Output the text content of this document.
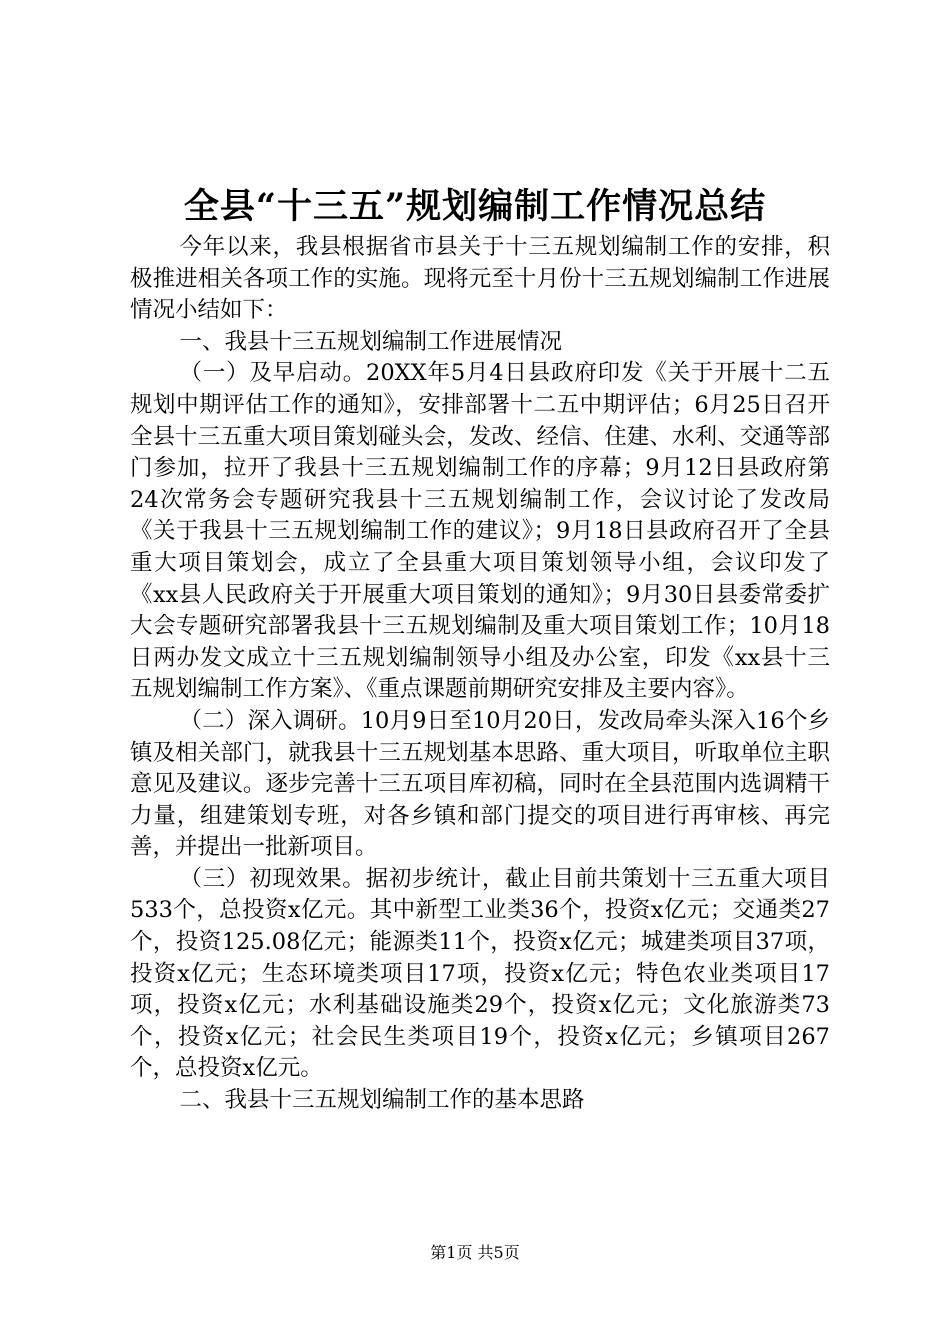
全县“十三五”规划编制工作情况总结

今年以来，我县根据省市县关于十三五规划编制工作的安排，积极推进相关各项工作的实施。现将元至十月份十三五规划编制工作进展情况小结如下：

一、我县十三五规划编制工作进展情况

（一）及早启动。20XX年5月4日县政府印发《关于开展十二五规划中期评估工作的通知》，安排部署十二五中期评估；6月25日召开全县十三五重大项目策划碰头会，发改、经信、住建、水利、交通等部门参加，拉开了我县十三五规划编制工作的序幕；9月12日县政府第24次常务会专题研究我县十三五规划编制工作，会议讨论了发改局《关于我县十三五规划编制工作的建议》；9月18日县政府召开了全县重大项目策划会，成立了全县重大项目策划领导小组，会议印发了《xx县人民政府关于开展重大项目策划的通知》；9月30日县委常委扩大会专题研究部署我县十三五规划编制及重大项目策划工作；10月18日两办发文成立十三五规划编制领导小组及办公室，印发《xx县十三五规划编制工作方案》、《重点课题前期研究安排及主要内容》。

（二）深入调研。10月9日至10月20日，发改局牵头深入16个乡镇及相关部门，就我县十三五规划基本思路、重大项目，听取单位主职意见及建议。逐步完善十三五项目库初稿，同时在全县范围内选调精干力量，组建策划专班，对各乡镇和部门提交的项目进行再审核、再完善，并提出一批新项目。

（三）初现效果。据初步统计，截止目前共策划十三五重大项目533个，总投资x亿元。其中新型工业类36个，投资x亿元；交通类27个，投资125.08亿元；能源类11个，投资x亿元；城建类项目37项，投资x亿元；生态环境类项目17项，投资x亿元；特色农业类项目17项，投资x亿元；水利基础设施类29个，投资x亿元；文化旅游类73个，投资x亿元；社会民生类项目19个，投资x亿元；乡镇项目267个，总投资x亿元。

二、我县十三五规划编制工作的基本思路

第1页 共5页
